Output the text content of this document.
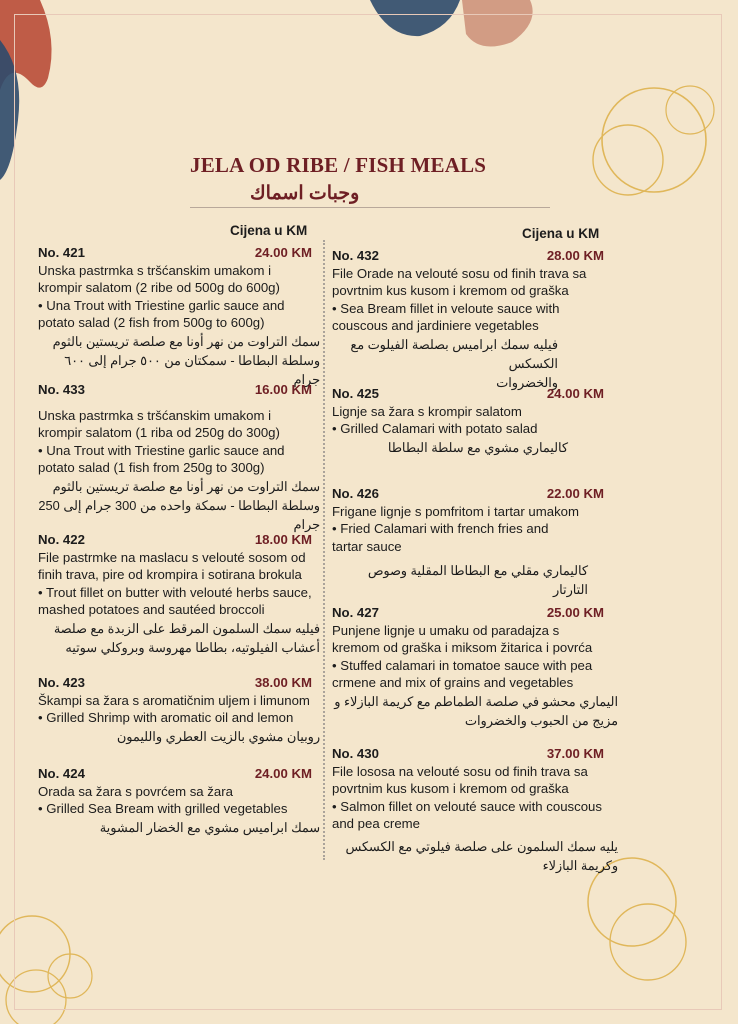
JELA OD RIBE / FISH MEALS
وجبات اسماك
Cijena u KM	Cijena u KM
No. 421	24.00 KM
Unska pastrmka s tršćanskim umakom i
krompir salatom (2 ribe od 500g do 600g)
• Una Trout with Triestine garlic sauce and
potato salad (2 fish from 500g to 600g)
سمك التراوت من نهر أونا مع صلصة تريستين بالثوم
وسلطة البطاطا - سمكتان من ٥٠٠ جرام إلى ٦٠٠ جرام
No. 433	16.00 KM
Unska pastrmka s tršćanskim umakom i
krompir salatom (1 riba od 250g do 300g)
• Una Trout with Triestine garlic sauce and
potato salad (1 fish from 250g to 300g)
سمك التراوت من نهر أونا مع صلصة تريستين بالثوم
وسلطة البطاطا - سمكة واحده من 300 جرام إلى 250 جرام
No. 422	18.00 KM
File pastrmke na maslacu s velouté sosom od
finih trava, pire od krompira i sotirana brokula
• Trout fillet on butter with velouté herbs sauce,
mashed potatoes and sautéed broccoli
فيليه سمك السلمون المرقط على الزبدة مع صلصة
أعشاب الفيلوتيه، بطاطا مهروسة وبروكلي سوتيه
No. 423	38.00 KM
Škampi sa žara s aromatičnim uljem i limunom
• Grilled Shrimp with aromatic oil and lemon
روبيان مشوي بالزيت العطري والليمون
No. 424	24.00 KM
Orada sa žara s povrćem sa žara
• Grilled Sea Bream with grilled vegetables
سمك ابراميس مشوي مع الخضار المشوية
No. 432	28.00 KM
File Orade na velouté sosu od finih trava sa
povrtnim kus kusom i kremom od graška
• Sea Bream fillet in veloute sauce with
couscous and jardiniere vegetables
فيليه سمك ابراميس بصلصة الفيلوت مع الكسكس
والخضروات
No. 425	24.00 KM
Lignje sa žara s krompir salatom
• Grilled Calamari with potato salad
كاليماري مشوي مع سلطة البطاطا
No. 426	22.00 KM
Frigane lignje s pomfritom i tartar umakom
• Fried Calamari with french fries and
tartar sauce
كاليماري مقلي مع البطاطا المقلية وصوص التارتار
No. 427	25.00 KM
Punjene lignje u umaku od paradajza s
kremom od graška i miksom žitarica i povrća
• Stuffed calamari in tomatoe sauce with pea
crmene and mix of grains and vegetables
اليماري محشو في صلصة الطماطم مع كريمة البازلاء و
مزيج من الحبوب والخضروات
No. 430	37.00 KM
File lososa na velouté sosu od finih trava sa
povrtnim kus kusom i kremom od graška
• Salmon fillet on velouté sauce with couscous
and pea creme
يليه سمك السلمون على صلصة فيلوتي مع الكسكس
وكريمة البازلاء
